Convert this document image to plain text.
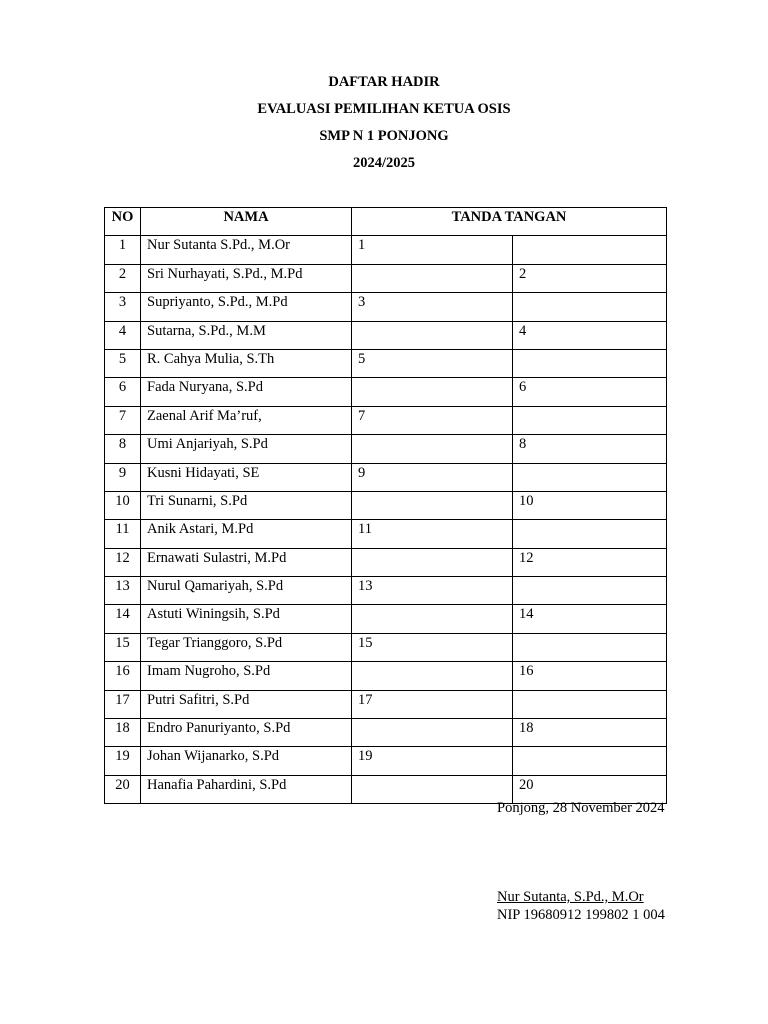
DAFTAR HADIR
EVALUASI PEMILIHAN KETUA OSIS
SMP N 1 PONJONG
2024/2025
NO	NAMA	TANDA TANGAN	
1	Nur Sutanta S.Pd., M.Or	1	
2	Sri Nurhayati, S.Pd., M.Pd		2
3	Supriyanto, S.Pd., M.Pd	3	
4	Sutarna, S.Pd., M.M		4
5	R. Cahya Mulia, S.Th	5	
6	Fada Nuryana, S.Pd		6
7	Zaenal Arif Ma’ruf,	7	
8	Umi Anjariyah, S.Pd		8
9	Kusni Hidayati, SE	9	
10	Tri Sunarni, S.Pd		10
11	Anik Astari, M.Pd	11	
12	Ernawati Sulastri, M.Pd		12
13	Nurul Qamariyah, S.Pd	13	
14	Astuti Winingsih, S.Pd		14
15	Tegar Trianggoro, S.Pd	15	
16	Imam Nugroho, S.Pd		16
17	Putri Safitri, S.Pd	17	
18	Endro Panuriyanto, S.Pd		18
19	Johan Wijanarko, S.Pd	19	
20	Hanafia Pahardini, S.Pd		20
Ponjong, 28 November 2024
Nur Sutanta, S.Pd., M.Or
NIP 19680912 199802 1 004
